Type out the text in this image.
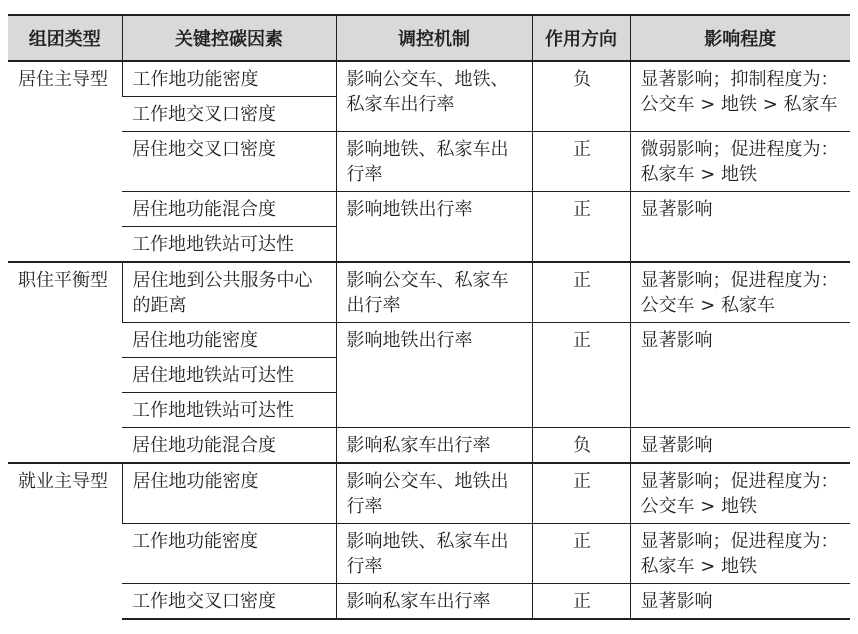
组团类型	关键控碳因素	调控机制	作用方向	影响程度
居住主导型	工作地功能密度	影响公交车、地铁、私家车出行率	负	显著影响；抑制程度为：公交车 > 地铁 > 私家车
	工作地交叉口密度			
	居住地交叉口密度	影响地铁、私家车出行率	正	微弱影响；促进程度为：私家车 > 地铁
	居住地功能混合度	影响地铁出行率	正	显著影响
	工作地地铁站可达性			
职住平衡型	居住地到公共服务中心的距离	影响公交车、私家车出行率	正	显著影响；促进程度为：公交车 > 私家车
	居住地功能密度	影响地铁出行率	正	显著影响
	居住地地铁站可达性			
	工作地地铁站可达性			
	居住地功能混合度	影响私家车出行率	负	显著影响
就业主导型	居住地功能密度	影响公交车、地铁出行率	正	显著影响；促进程度为：公交车 > 地铁
	工作地功能密度	影响地铁、私家车出行率	正	显著影响；促进程度为：私家车 > 地铁
	工作地交叉口密度	影响私家车出行率	正	显著影响
